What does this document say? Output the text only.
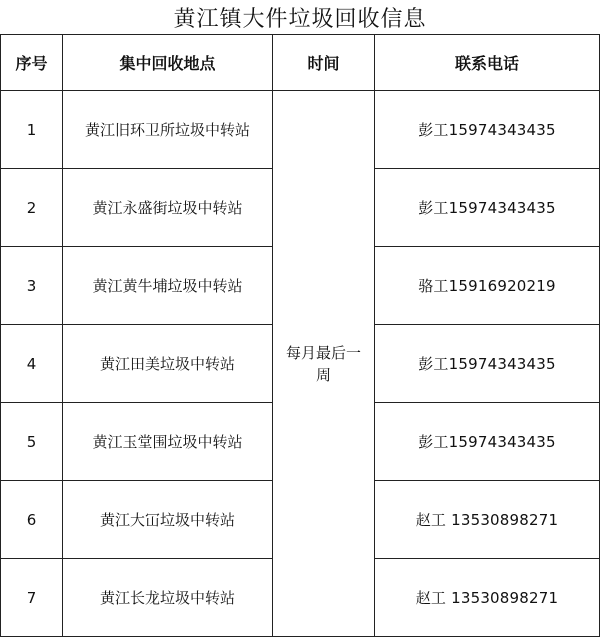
黄江镇大件垃圾回收信息
序号	集中回收地点	时间	联系电话
1	黄江旧环卫所垃圾中转站	每月最后一周	彭工15974343435
2	黄江永盛街垃圾中转站		彭工15974343435
3	黄江黄牛埔垃圾中转站		骆工15916920219
4	黄江田美垃圾中转站		彭工15974343435
5	黄江玉堂围垃圾中转站		彭工15974343435
6	黄江大冚垃圾中转站		赵工 13530898271
7	黄江长龙垃圾中转站		赵工 13530898271
